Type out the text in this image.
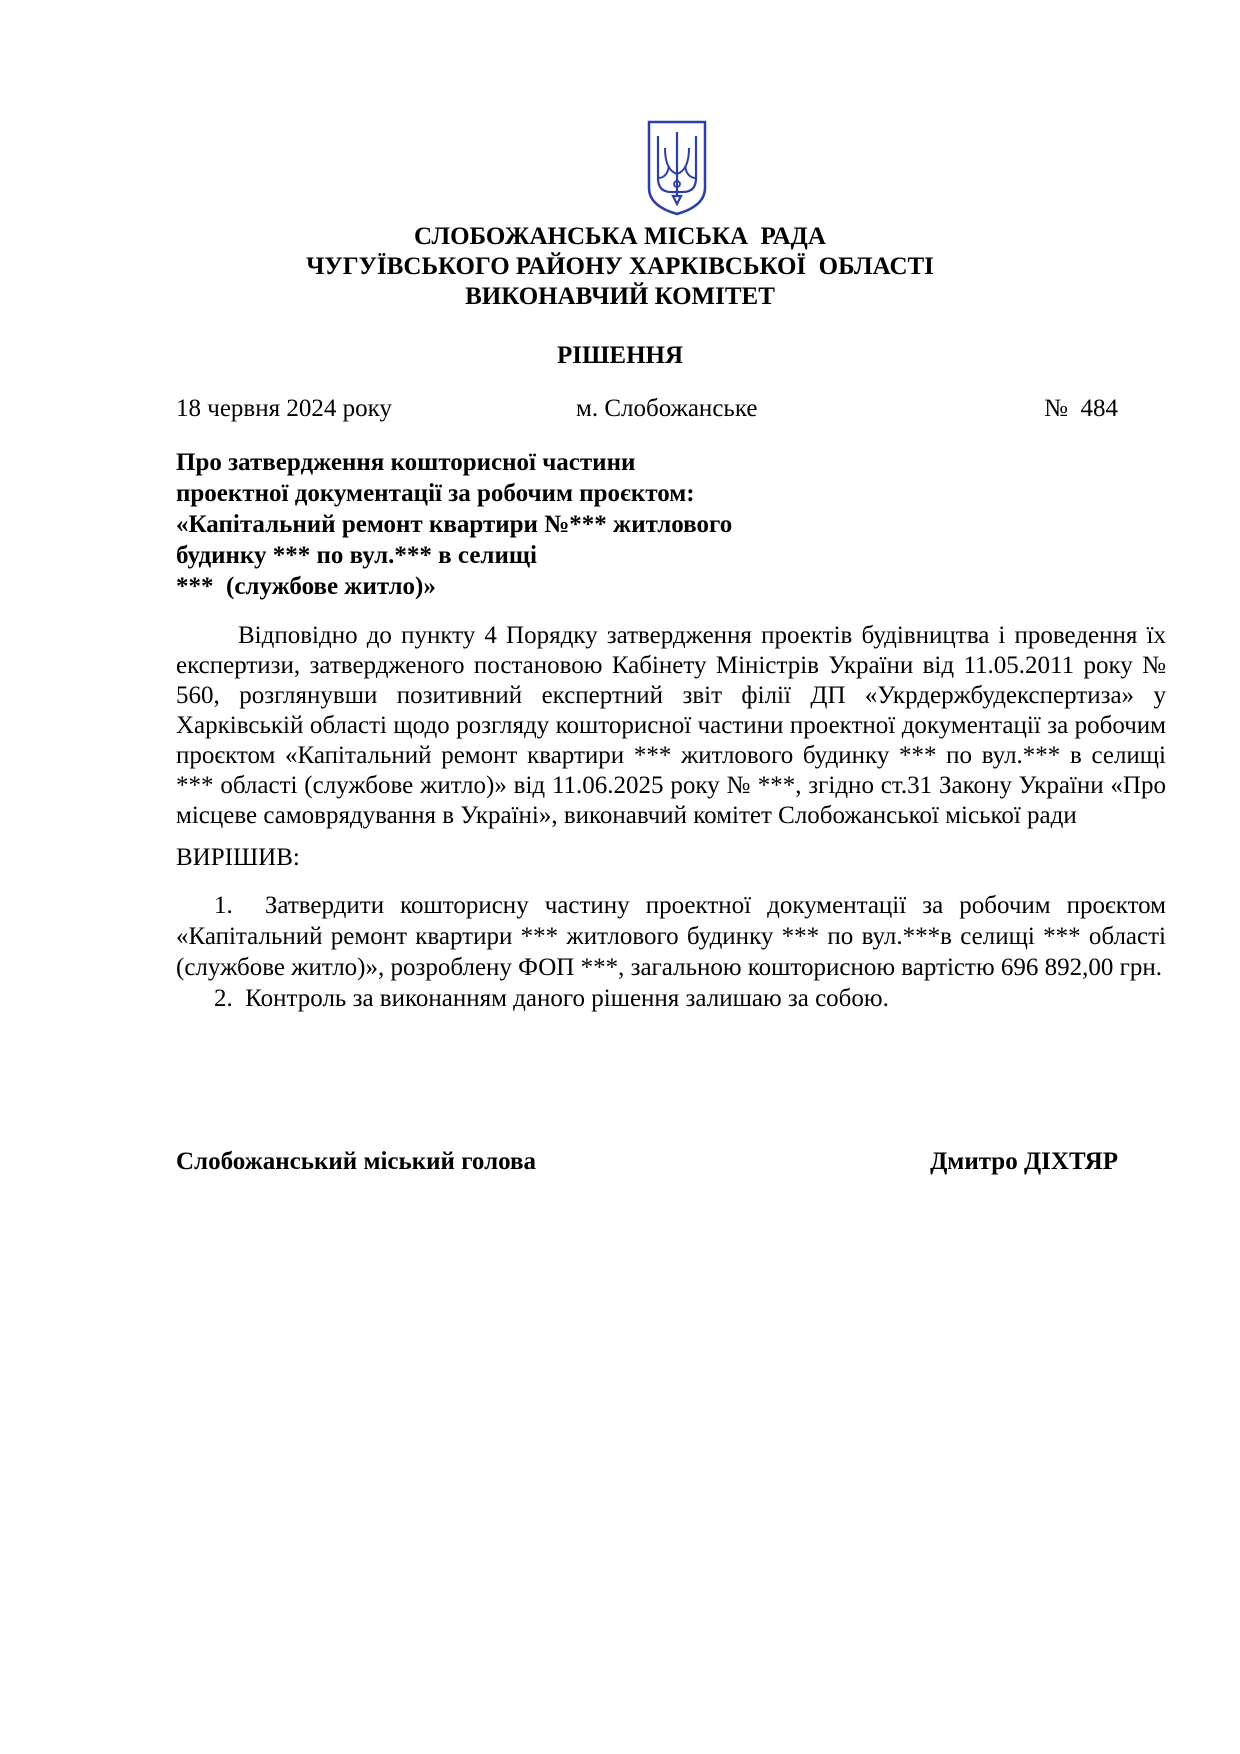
СЛОБОЖАНСЬКА МІСЬКА  РАДА
ЧУГУЇВСЬКОГО РАЙОНУ ХАРКІВСЬКОЇ  ОБЛАСТІ
ВИКОНАВЧИЙ КОМІТЕТ
РІШЕННЯ
18 червня 2024 року	м. Слобожанське	№  484
Про затвердження кошторисної частини
проектної документації за робочим проєктом:
«Капітальний ремонт квартири №*** житлового
будинку *** по вул.*** в селищі
***  (службове житло)»
Відповідно до пункту 4 Порядку затвердження проектів будівництва і проведення їх експертизи, затвердженого постановою Кабінету Міністрів України від 11.05.2011 року № 560, розглянувши позитивний експертний звіт філії ДП «Укрдержбудекспертиза» у Харківській області щодо розгляду кошторисної частини проектної документації за робочим проєктом «Капітальний ремонт квартири *** житлового будинку *** по вул.*** в селищі *** області (службове житло)» від 11.06.2025 року № ***, згідно ст.31 Закону України «Про місцеве самоврядування в Україні», виконавчий комітет Слобожанської міської ради
ВИРІШИВ:
1. Затвердити кошторисну частину проектної документації за робочим проєктом «Капітальний ремонт квартири *** житлового будинку *** по вул.***в селищі *** області (службове житло)», розроблену ФОП ***, загальною кошторисною вартістю 696 892,00 грн.
2. Контроль за виконанням даного рішення залишаю за собою.
Слобожанський міський голова	Дмитро ДІХТЯР
